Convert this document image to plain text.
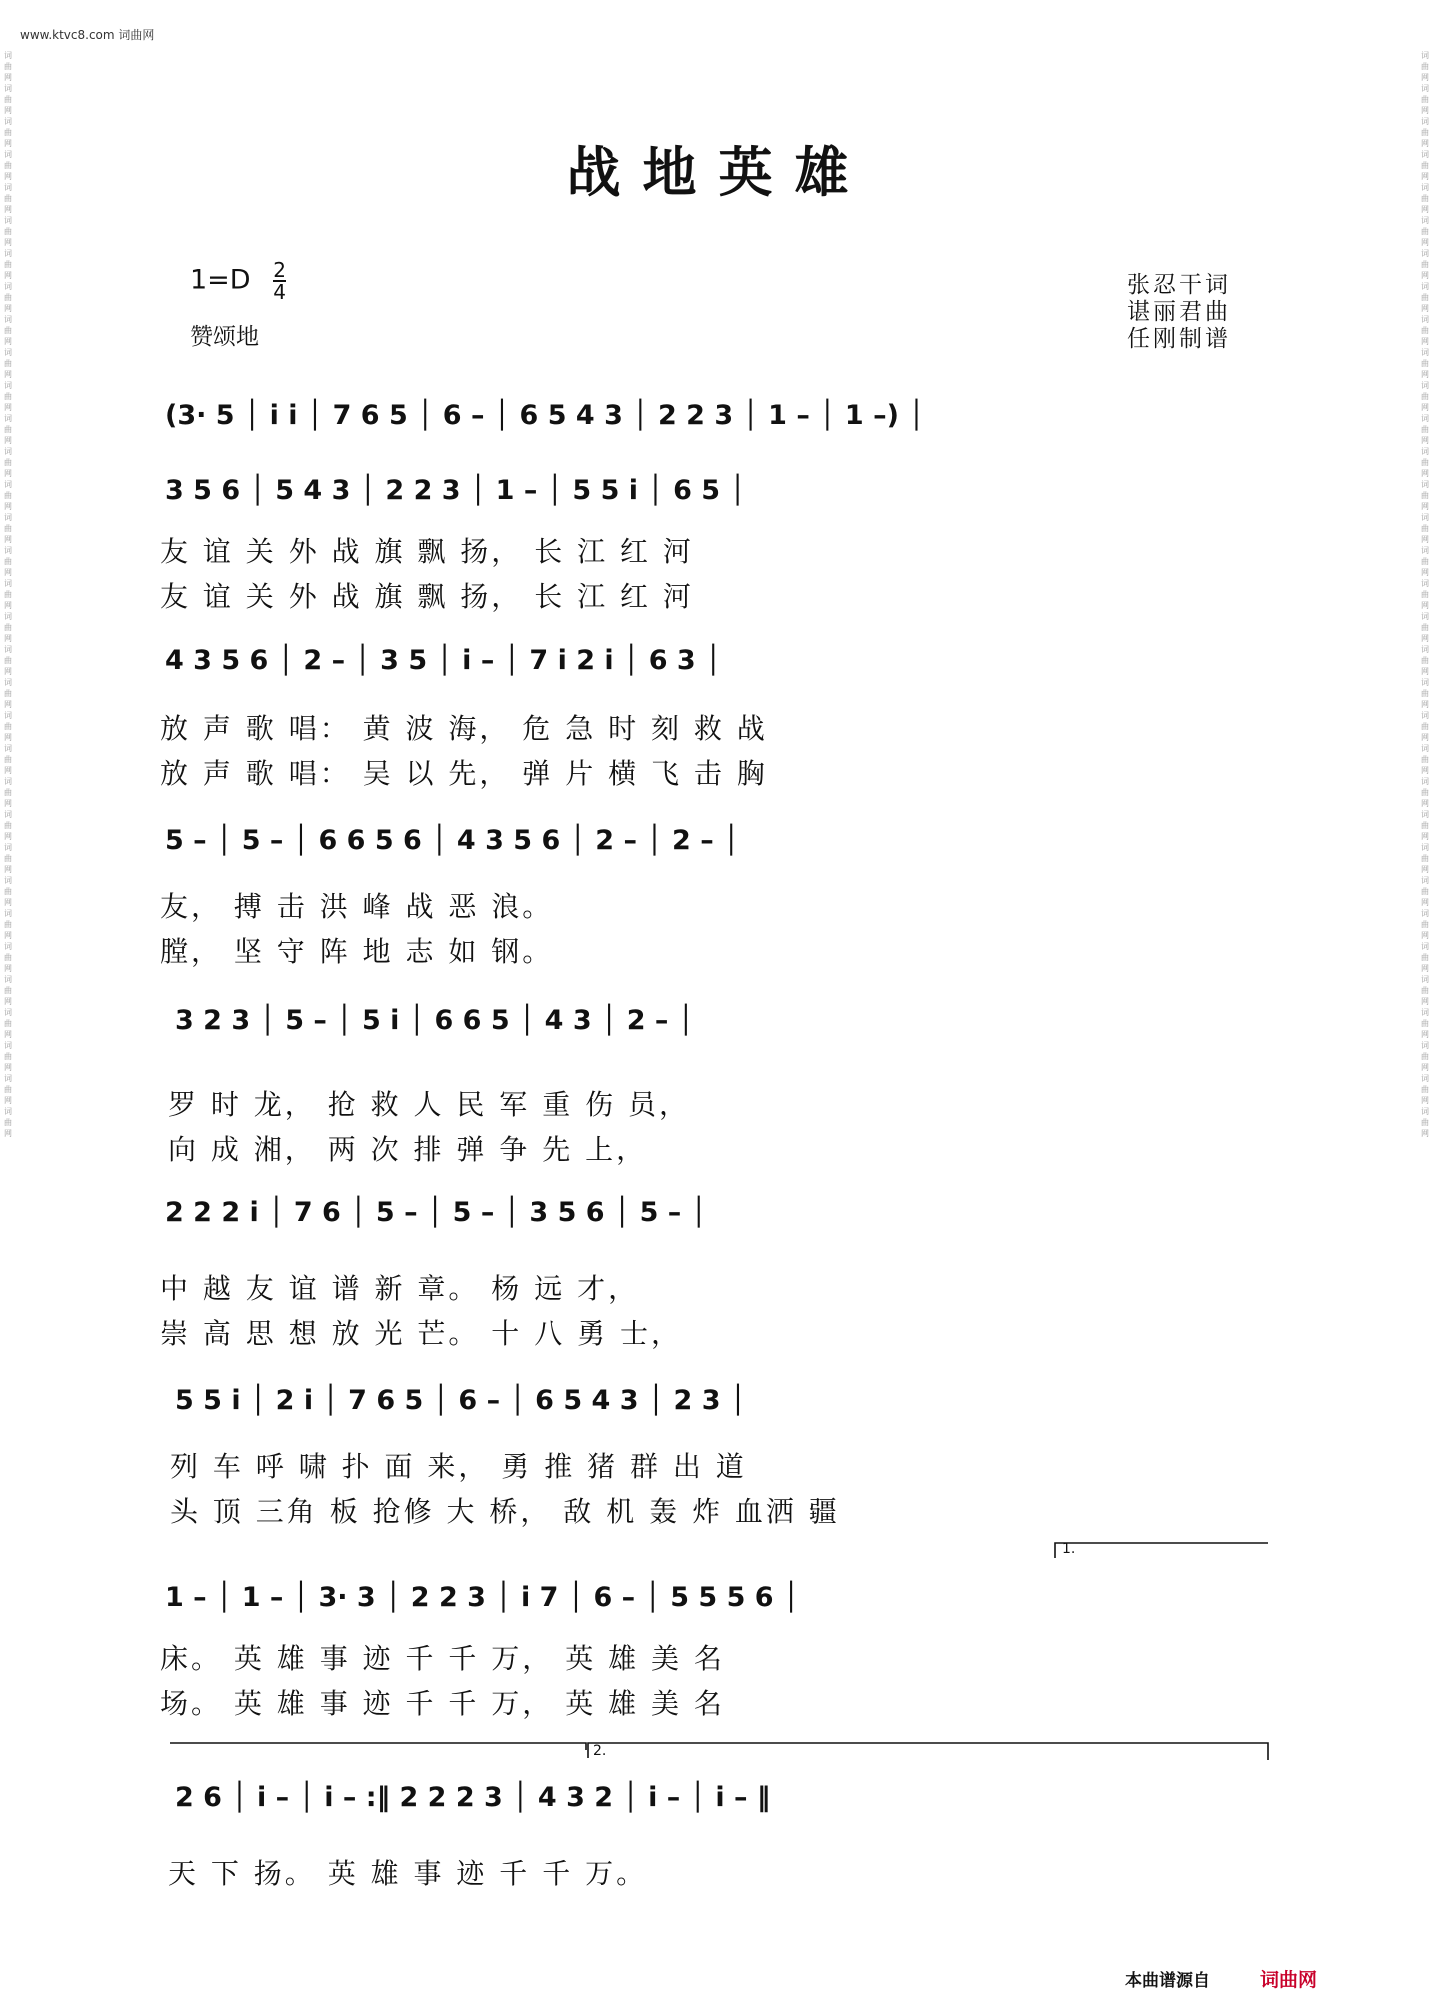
www.ktvc8.com 词曲网
词曲网词曲网词曲网词曲网词曲网词曲网词曲网词曲网词曲网词曲网词曲网词曲网词曲网词曲网词曲网词曲网词曲网词曲网词曲网词曲网词曲网词曲网词曲网词曲网词曲网词曲网词曲网词曲网词曲网词曲网词曲网词曲网词曲网
词曲网词曲网词曲网词曲网词曲网词曲网词曲网词曲网词曲网词曲网词曲网词曲网词曲网词曲网词曲网词曲网词曲网词曲网词曲网词曲网词曲网词曲网词曲网词曲网词曲网词曲网词曲网词曲网词曲网词曲网词曲网词曲网词曲网
战地英雄
$1=D \frac{2}{4}$
赞颂地
张忍干词
谌丽君曲
任刚制谱
(3· 5 │ i i │ 7 6 5 │ 6 – │ 6 5 4 3 │ 2 2 3 │ 1 – │ 1 –) │
3 5 6 │ 5 4 3 │ 2 2 3 │ 1 – │ 5 5 i │ 6 5 │
友 谊 关 外 战 旗 飘 扬， 长 江 红 河
友 谊 关 外 战 旗 飘 扬， 长 江 红 河
4 3 5 6 │ 2 – │ 3 5 │ i – │ 7 i 2 i │ 6 3 │
放 声 歌 唱： 黄 波 海， 危 急 时 刻 救 战
放 声 歌 唱： 吴 以 先， 弹 片 横 飞 击 胸
5 – │ 5 – │ 6 6 5 6 │ 4 3 5 6 │ 2 – │ 2 – │
友， 搏 击 洪 峰 战 恶 浪。
膛， 坚 守 阵 地 志 如 钢。
3 2 3 │ 5 – │ 5 i │ 6 6 5 │ 4 3 │ 2 – │
罗 时 龙， 抢 救 人 民 军 重 伤 员，
向 成 湘， 两 次 排 弹 争 先 上，
2 2 2 i │ 7 6 │ 5 – │ 5 – │ 3 5 6 │ 5 – │
中 越 友 谊 谱 新 章。 杨 远 才，
崇 高 思 想 放 光 芒。 十 八 勇 士，
5 5 i │ 2 i │ 7 6 5 │ 6 – │ 6 5 4 3 │ 2 3 │
列 车 呼 啸 扑 面 来， 勇 推 猪 群 出 道
头 顶 三角 板 抢修 大 桥， 敌 机 轰 炸 血洒 疆
1.
1 – │ 1 – │ 3· 3 │ 2 2 3 │ i 7 │ 6 – │ 5 5 5 6 │
床。 英 雄 事 迹 千 千 万， 英 雄 美 名
场。 英 雄 事 迹 千 千 万， 英 雄 美 名
2.
2 6 │ i – │ i – :‖ 2 2 2 3 │ 4 3 2 │ i – │ i – ‖
天 下 扬。 英 雄 事 迹 千 千 万。
本曲谱源自	词曲网
